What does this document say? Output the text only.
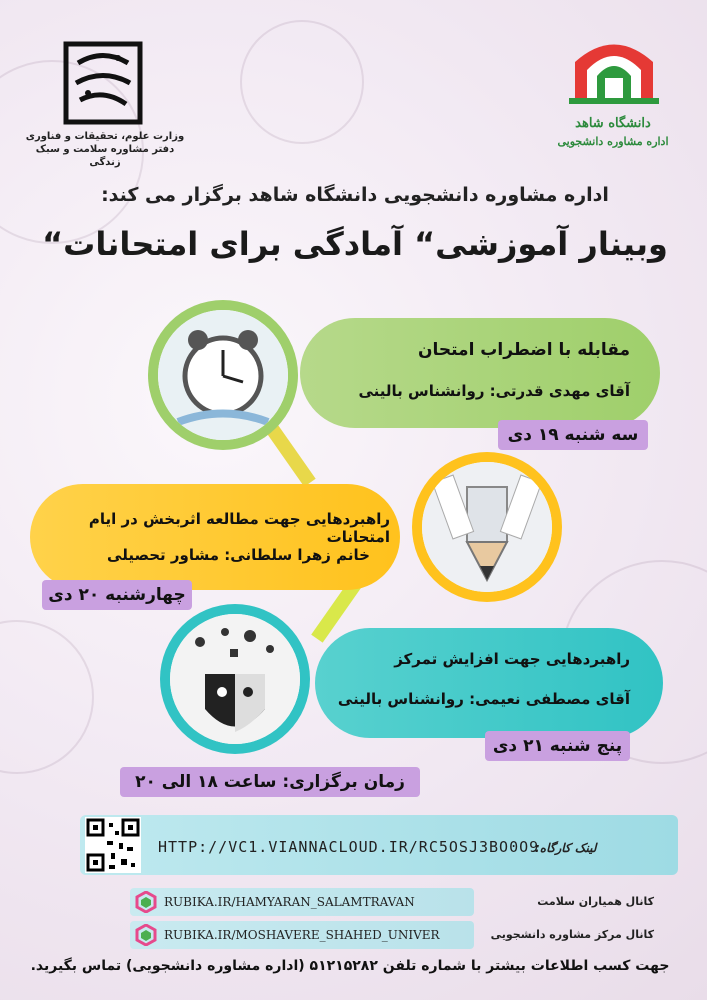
وزارت علوم، تحقیقات و فناوری
دفتر مشاوره سلامت و سبک زندگی
دانشگاه شاهد
اداره مشاوره دانشجویی
اداره مشاوره دانشجویی دانشگاه شاهد برگزار می کند:
وبینار آموزشی“ آمادگی برای امتحانات“
مقابله با اضطراب امتحان
آقای مهدی قدرتی: روانشناس بالینی
سه شنبه ۱۹ دی
راهبردهایی جهت مطالعه اثربخش در ایام امتحانات
خانم زهرا سلطانی: مشاور تحصیلی
چهارشنبه ۲۰ دی
راهبردهایی جهت افزایش تمرکز
آقای مصطفی نعیمی: روانشناس بالینی
پنج شنبه ۲۱ دی
زمان برگزاری: ساعت ۱۸ الی ۲۰
HTTP://VC1.VIANNACLOUD.IR/RC5OSJ3BO0O9
لینک کارگاه:
RUBIKA.IR/HAMYARAN_SALAMTRAVAN	کانال همیاران سلامت
RUBIKA.IR/MOSHAVERE_SHAHED_UNIVER	کانال مرکز مشاوره دانشجویی
جهت کسب اطلاعات بیشتر با شماره تلفن ۵۱۲۱۵۲۸۲ (اداره مشاوره دانشجویی) تماس بگیرید.
